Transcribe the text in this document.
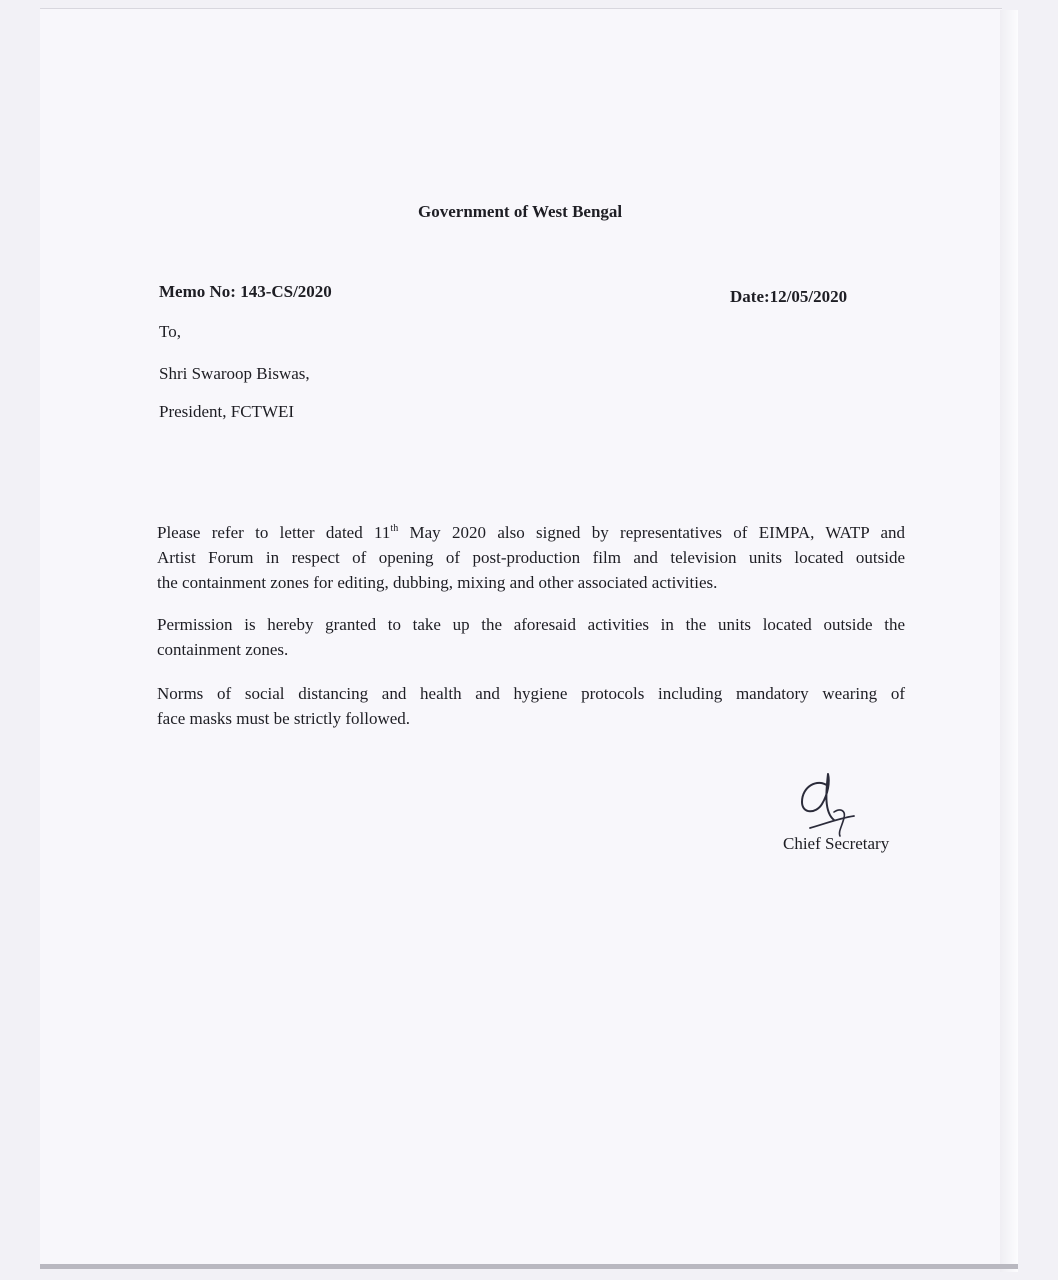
Government of West Bengal
Memo No: 143-CS/2020	Date:12/05/2020
To,
Shri Swaroop Biswas,
President, FCTWEI
Please refer to letter dated 11th May 2020 also signed by representatives of EIMPA, WATP and
Artist Forum in respect of opening of post-production film and television units located outside
the containment zones for editing, dubbing, mixing and other associated activities.
Permission is hereby granted to take up the aforesaid activities in the units located outside the
containment zones.
Norms of social distancing and health and hygiene protocols including mandatory wearing of
face masks must be strictly followed.
Chief Secretary
